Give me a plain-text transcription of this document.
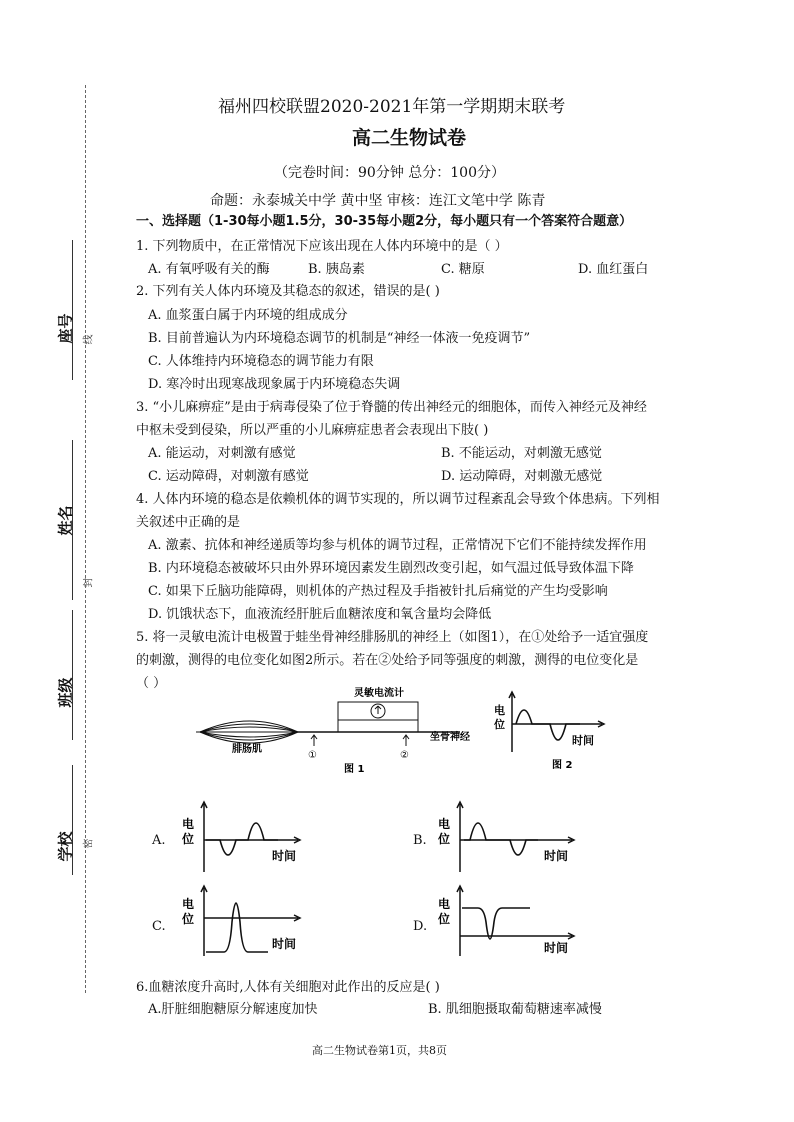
座号
姓名
班级
学校
线
封
密
福州四校联盟2020-2021年第一学期期末联考
高二生物试卷
（完卷时间：90分钟 总分：100分）
命题：永泰城关中学 黄中坚 审核：连江文笔中学 陈青
一、选择题（1-30每小题1.5分，30-35每小题2分，每小题只有一个答案符合题意）
1. 下列物质中，在正常情况下应该出现在人体内环境中的是（ ）
A. 有氧呼吸有关的酶	B. 胰岛素	C. 糖原	D. 血红蛋白
2. 下列有关人体内环境及其稳态的叙述，错误的是( )
A. 血浆蛋白属于内环境的组成成分
B. 目前普遍认为内环境稳态调节的机制是“神经一体液一免疫调节”
C. 人体维持内环境稳态的调节能力有限
D. 寒冷时出现寒战现象属于内环境稳态失调
3. “小儿麻痹症”是由于病毒侵染了位于脊髓的传出神经元的细胞体，而传入神经元及神经
中枢未受到侵染，所以严重的小儿麻痹症患者会表现出下肢( )
A. 能运动，对刺激有感觉	B. 不能运动，对刺激无感觉
C. 运动障碍，对刺激有感觉	D. 运动障碍，对刺激无感觉
4. 人体内环境的稳态是依赖机体的调节实现的，所以调节过程紊乱会导致个体患病。下列相
关叙述中正确的是
A. 激素、抗体和神经递质等均参与机体的调节过程，正常情况下它们不能持续发挥作用
B. 内环境稳态被破坏只由外界环境因素发生剧烈改变引起，如气温过低导致体温下降
C. 如果下丘脑功能障碍，则机体的产热过程及手指被针扎后痛觉的产生均受影响
D. 饥饿状态下，血液流经肝脏后血糖浓度和氧含量均会降低
5. 将一灵敏电流计电极置于蛙坐骨神经腓肠肌的神经上（如图1），在①处给予一适宜强度
的刺激，测得的电位变化如图2所示。若在②处给予同等强度的刺激，测得的电位变化是
（ ）
灵敏电流计
①	②
腓肠肌
坐骨神经
图 1
电
位
时间
图 2
A.
电
位
时间
B.
电
位
时间
C.
电
位
时间
D.
电
位
时间
6.血糖浓度升高时,人体有关细胞对此作出的反应是( )
A.肝脏细胞糖原分解速度加快	B. 肌细胞摄取葡萄糖速率减慢
高二生物试卷第1页，共8页
